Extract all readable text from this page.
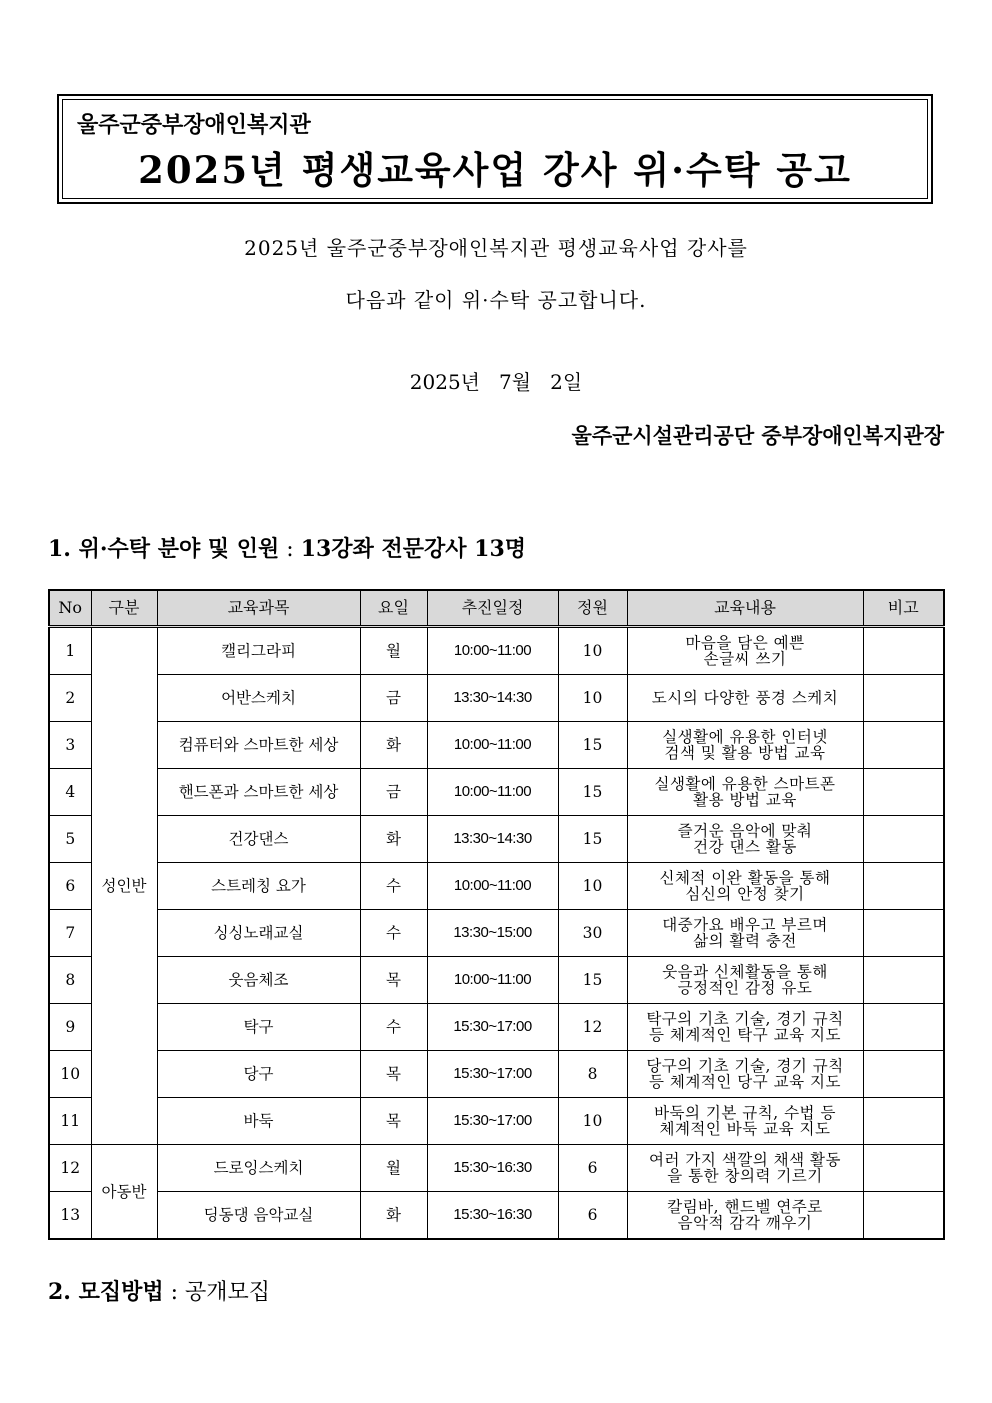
울주군중부장애인복지관
2025년 평생교육사업 강사 위·수탁 공고
2025년 울주군중부장애인복지관 평생교육사업 강사를
다음과 같이 위·수탁 공고합니다.
2025년   7월   2일
울주군시설관리공단 중부장애인복지관장
1. 위·수탁 분야 및 인원 : 13강좌 전문강사 13명
No	구분	교육과목	요일	추진일정	정원	교육내용	비고
1	성인반	캘리그라피	월	10:00~11:00	10	마음을 담은 예쁜
손글씨 쓰기	

2		어반스케치	금	13:30~14:30	10	도시의 다양한 풍경 스케치	

3		컴퓨터와 스마트한 세상	화	10:00~11:00	15	실생활에 유용한 인터넷
검색 및 활용 방법 교육	

4		핸드폰과 스마트한 세상	금	10:00~11:00	15	실생활에 유용한 스마트폰
활용 방법 교육	

5		건강댄스	화	13:30~14:30	15	즐거운 음악에 맞춰
건강 댄스 활동	

6		스트레칭 요가	수	10:00~11:00	10	신체적 이완 활동을 통해
심신의 안정 찾기	

7		싱싱노래교실	수	13:30~15:00	30	대중가요 배우고 부르며
삶의 활력 충전	

8		웃음체조	목	10:00~11:00	15	웃음과 신체활동을 통해
긍정적인 감정 유도	

9		탁구	수	15:30~17:00	12	탁구의 기초 기술, 경기 규칙
등 체계적인 탁구 교육 지도	

10		당구	목	15:30~17:00	8	당구의 기초 기술, 경기 규칙
등 체계적인 당구 교육 지도	

11		바둑	목	15:30~17:00	10	바둑의 기본 규칙, 수법 등
체계적인 바둑 교육 지도	

12	아동반	드로잉스케치	월	15:30~16:30	6	여러 가지 색깔의 채색 활동
을 통한 창의력 기르기	

13		딩동댕 음악교실	화	15:30~16:30	6	칼림바, 핸드벨 연주로
음악적 감각 깨우기	

2. 모집방법 : 공개모집
